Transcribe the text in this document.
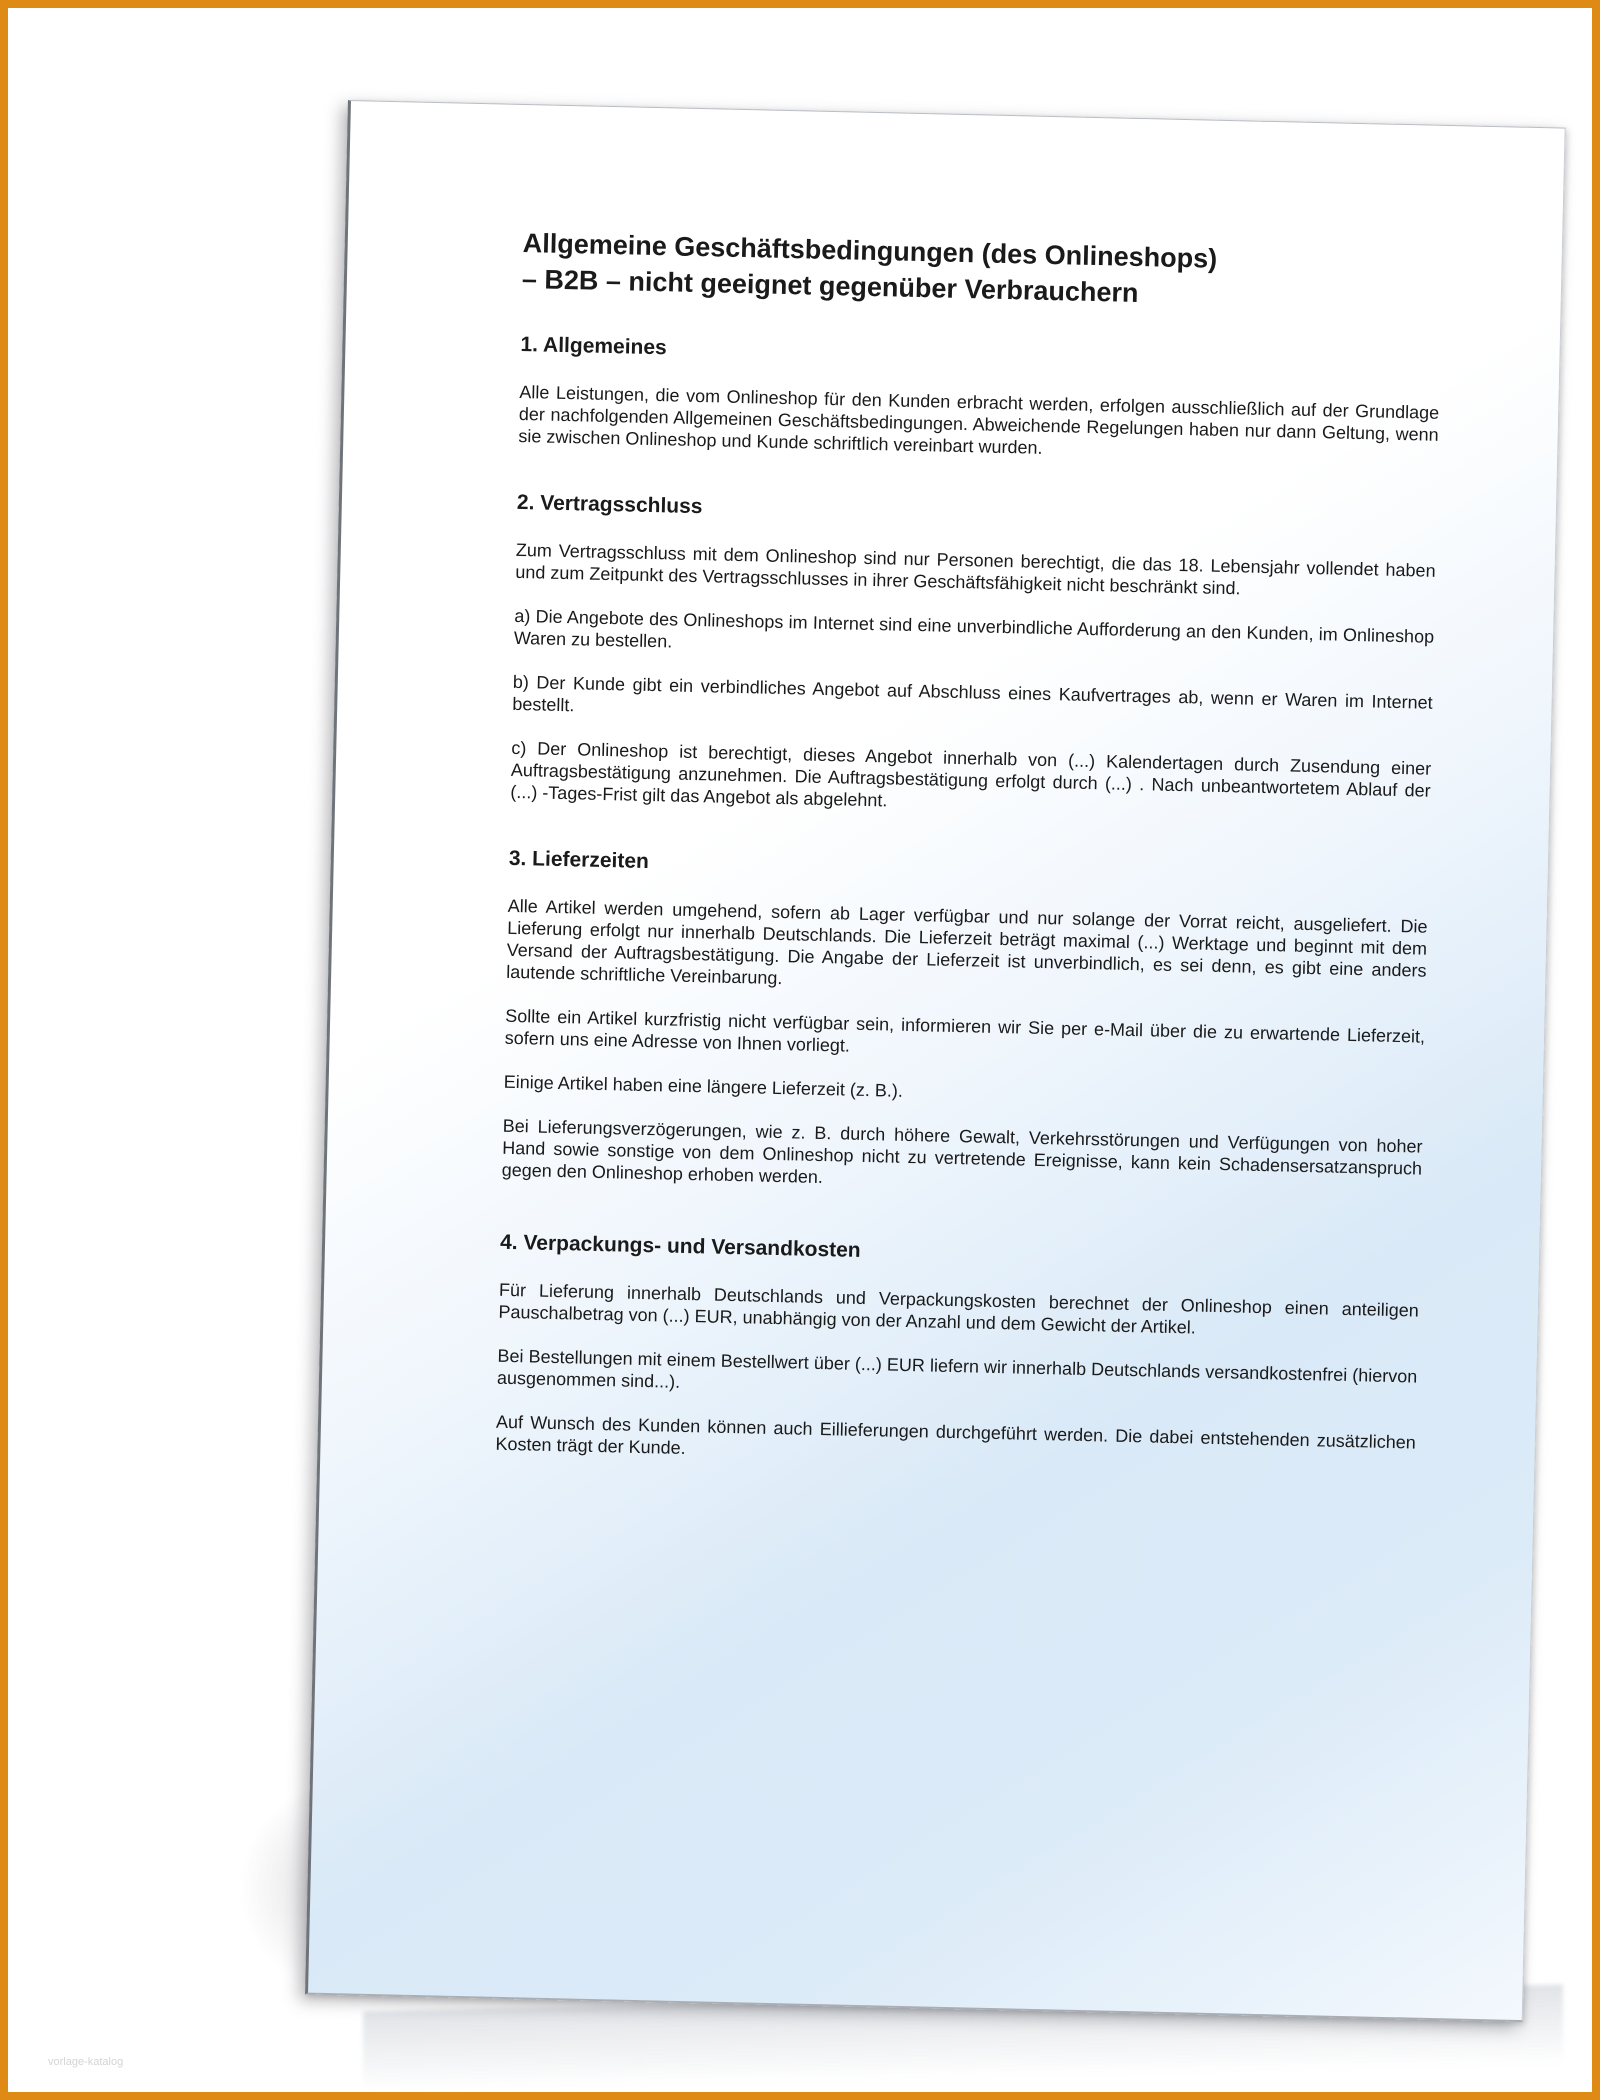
Allgemeine Geschäftsbedingungen (des Onlineshops)
– B2B – nicht geeignet gegenüber Verbrauchern
1. Allgemeines

Alle Leistungen, die vom Onlineshop für den Kunden erbracht werden, erfolgen ausschließlich auf der Grundlage der nachfolgenden Allgemeinen Geschäftsbedingungen. Abweichende Regelungen haben nur dann Geltung, wenn sie zwischen Onlineshop und Kunde schriftlich vereinbart wurden.

2. Vertragsschluss

Zum Vertragsschluss mit dem Onlineshop sind nur Personen berechtigt, die das 18. Lebensjahr vollendet haben und zum Zeitpunkt des Vertragsschlusses in ihrer Geschäftsfähigkeit nicht beschränkt sind.

a) Die Angebote des Onlineshops im Internet sind eine unverbindliche Aufforderung an den Kunden, im Onlineshop Waren zu bestellen.

b) Der Kunde gibt ein verbindliches Angebot auf Abschluss eines Kaufvertrages ab, wenn er Waren im Internet bestellt.

c) Der Onlineshop ist berechtigt, dieses Angebot innerhalb von (...) Kalendertagen durch Zusendung einer Auftragsbestätigung anzunehmen. Die Auftragsbestätigung erfolgt durch (...) . Nach unbeantwortetem Ablauf der (...) -Tages-Frist gilt das Angebot als abgelehnt.

3. Lieferzeiten

Alle Artikel werden umgehend, sofern ab Lager verfügbar und nur solange der Vorrat reicht, ausgeliefert. Die Lieferung erfolgt nur innerhalb Deutschlands. Die Lieferzeit beträgt maximal (...) Werktage und beginnt mit dem Versand der Auftragsbestätigung. Die Angabe der Lieferzeit ist unverbindlich, es sei denn, es gibt eine anders lautende schriftliche Vereinbarung.

Sollte ein Artikel kurzfristig nicht verfügbar sein, informieren wir Sie per e-Mail über die zu erwartende Lieferzeit, sofern uns eine Adresse von Ihnen vorliegt.

Einige Artikel haben eine längere Lieferzeit (z. B.).

Bei Lieferungsverzögerungen, wie z. B. durch höhere Gewalt, Verkehrsstörungen und Verfügungen von hoher Hand sowie sonstige von dem Onlineshop nicht zu vertretende Ereignisse, kann kein Schadensersatzanspruch gegen den Onlineshop erhoben werden.

4. Verpackungs- und Versandkosten

Für Lieferung innerhalb Deutschlands und Verpackungskosten berechnet der Onlineshop einen anteiligen Pauschalbetrag von (...) EUR, unabhängig von der Anzahl und dem Gewicht der Artikel.

Bei Bestellungen mit einem Bestellwert über (...) EUR liefern wir innerhalb Deutschlands versandkostenfrei (hiervon ausgenommen sind...).

Auf Wunsch des Kunden können auch Eillieferungen durchgeführt werden. Die dabei entstehenden zusätzlichen Kosten trägt der Kunde.

vorlage-katalog
